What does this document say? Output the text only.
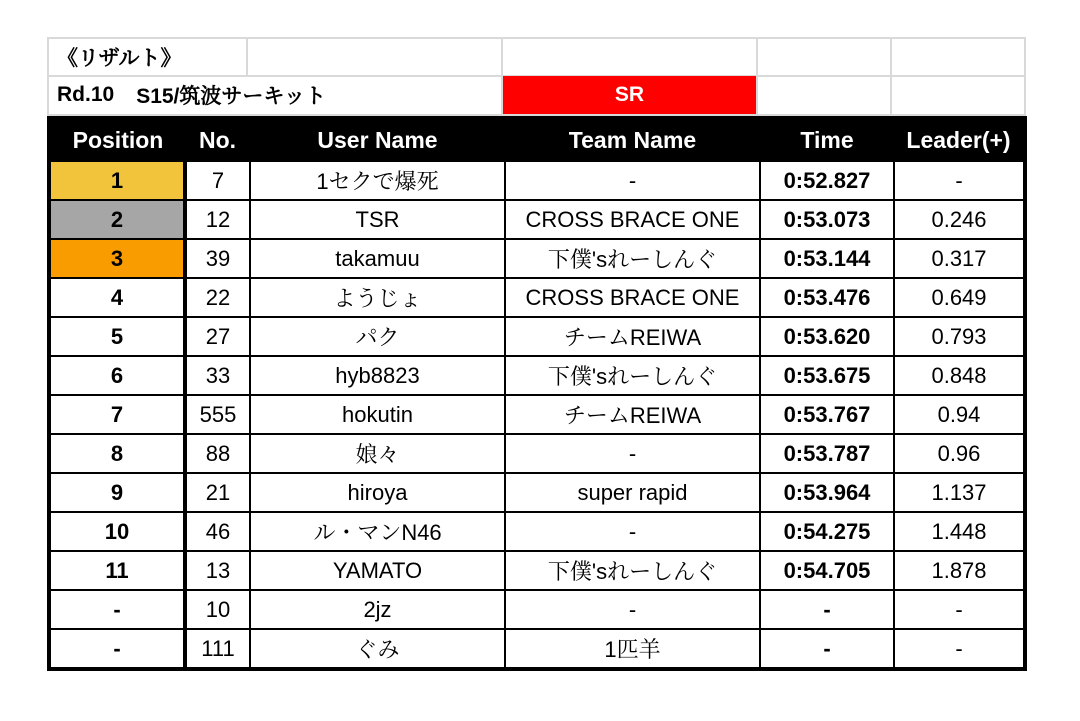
《リザルト》
Rd.10 S15/筑波サーキット	SR
Position	No.	User Name	Team Name	Time	Leader(+)
1	7	1セクで爆死	-	0:52.827	-
2	12	TSR	CROSS BRACE ONE	0:53.073	0.246
3	39	takamuu	下僕'sれーしんぐ	0:53.144	0.317
4	22	ようじょ	CROSS BRACE ONE	0:53.476	0.649
5	27	パク	チームREIWA	0:53.620	0.793
6	33	hyb8823	下僕'sれーしんぐ	0:53.675	0.848
7	555	hokutin	チームREIWA	0:53.767	0.94
8	88	娘々	-	0:53.787	0.96
9	21	hiroya	super rapid	0:53.964	1.137
10	46	ル・マンN46	-	0:54.275	1.448
11	13	YAMATO	下僕'sれーしんぐ	0:54.705	1.878
-	10	2jz	-	-	-
-	111	ぐみ	1匹羊	-	-
